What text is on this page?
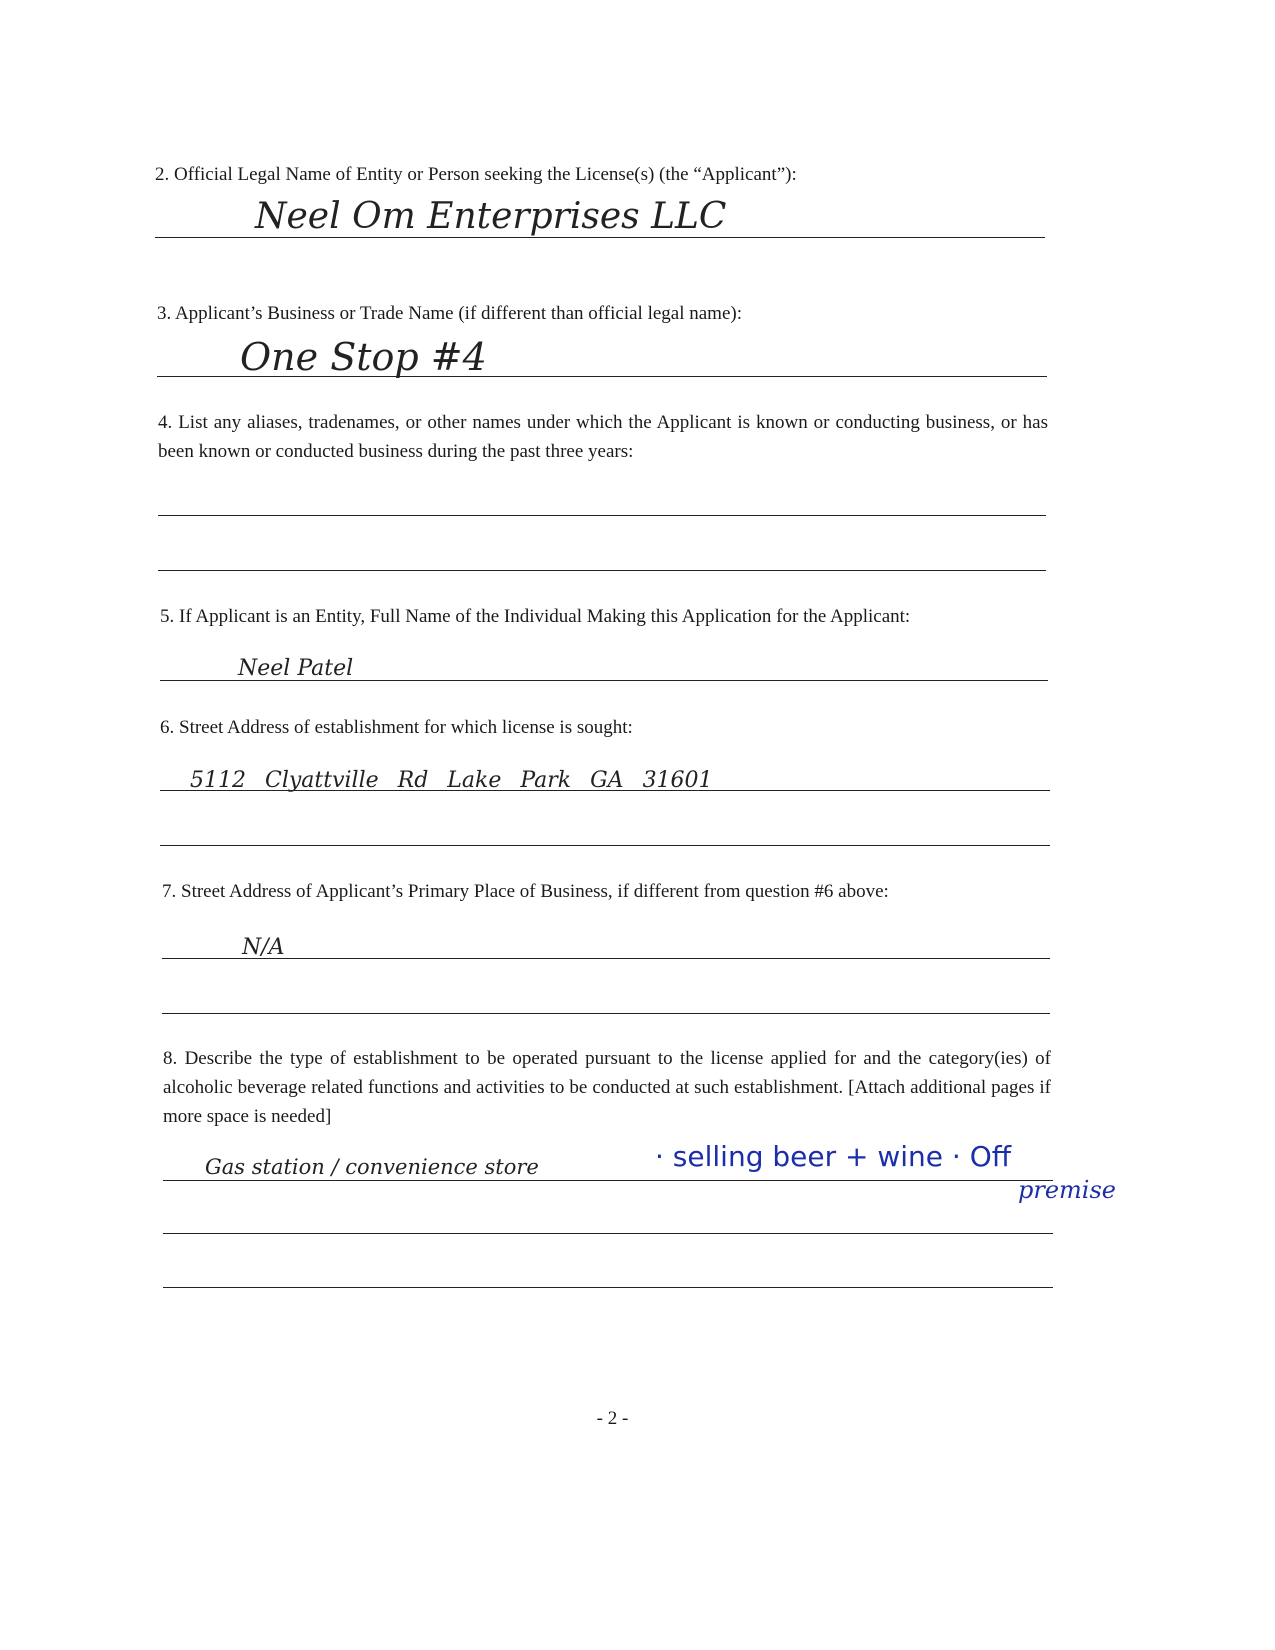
2. Official Legal Name of Entity or Person seeking the License(s) (the “Applicant”):
Neel Om Enterprises LLC
3. Applicant’s Business or Trade Name (if different than official legal name):
One Stop #4
4. List any aliases, tradenames, or other names under which the Applicant is known or conducting business, or has been known or conducted business during the past three years:
5. If Applicant is an Entity, Full Name of the Individual Making this Application for the Applicant:
Neel Patel
6. Street Address of establishment for which license is sought:
5112 Clyattville Rd Lake Park GA 31601
7. Street Address of Applicant’s Primary Place of Business, if different from question #6 above:
N/A
8. Describe the type of establishment to be operated pursuant to the license applied for and the category(ies) of alcoholic beverage related functions and activities to be conducted at such establishment. [Attach additional pages if more space is needed]
Gas station / convenience store	· selling beer + wine · Off
premise
- 2 -
